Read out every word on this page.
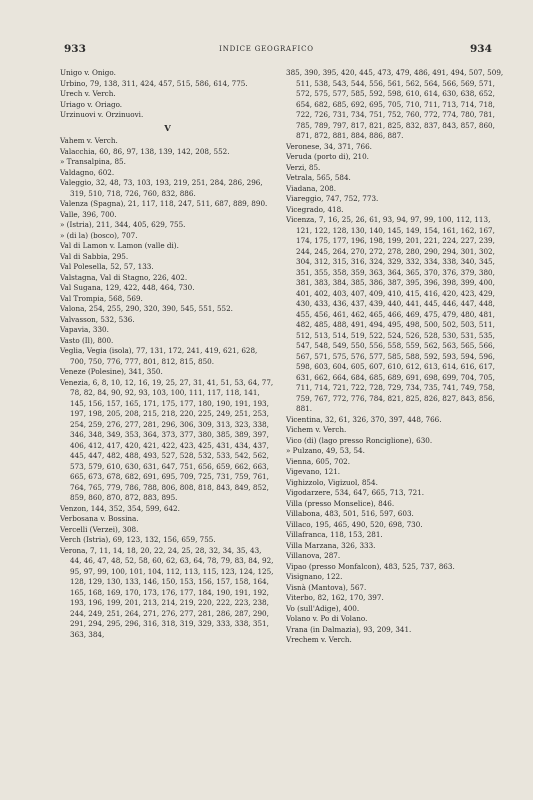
933	INDICE GEOGRAFICO	934

Unigo v. Onigo.

Urbino, 79, 138, 311, 424, 457, 515, 586, 614, 775.

Urech v. Verch.

Uriago v. Oriago.

Urzinuovi v. Orzinuovi.

V

Vahem v. Verch.

Valacchia, 60, 86, 97, 138, 139, 142, 208, 552.

» Transalpina, 85.

Valdagno, 602.

Valeggio, 32, 48, 73, 103, 193, 219, 251, 284, 286, 296, 319, 510, 718, 726, 760, 832, 886.

Valenza (Spagna), 21, 117, 118, 247, 511, 687, 889, 890.

Valle, 396, 700.

» (Istria), 211, 344, 405, 629, 755.

» (di la) (bosco), 707.

Val di Lamon v. Lamon (valle di).

Val di Sabbia, 295.

Val Polesella, 52, 57, 133.

Valstagna, Val di Stagno, 226, 402.

Val Sugana, 129, 422, 448, 464, 730.

Val Trompia, 568, 569.

Valona, 254, 255, 290, 320, 390, 545, 551, 552.

Valvasson, 532, 536.

Vapavia, 330.

Vasto (Il), 800.

Veglia, Vegia (isola), 77, 131, 172, 241, 419, 621, 628, 700, 750, 776, 777, 801, 812, 815, 850.

Veneze (Polesine), 341, 350.

Venezia, 6, 8, 10, 12, 16, 19, 25, 27, 31, 41, 51, 53, 64, 77, 78, 82, 84, 90, 92, 93, 103, 100, 111, 117, 118, 141, 145, 156, 157, 165, 171, 175, 177, 180, 190, 191, 193, 197, 198, 205, 208, 215, 218, 220, 225, 249, 251, 253, 254, 259, 276, 277, 281, 296, 306, 309, 313, 323, 338, 346, 348, 349, 353, 364, 373, 377, 380, 385, 389, 397, 406, 412, 417, 420, 421, 422, 423, 425, 431, 434, 437, 445, 447, 482, 488, 493, 527, 528, 532, 533, 542, 562, 573, 579, 610, 630, 631, 647, 751, 656, 659, 662, 663, 665, 673, 678, 682, 691, 695, 709, 725, 731, 759, 761, 764, 765, 779, 786, 788, 806, 808, 818, 843, 849, 852, 859, 860, 870, 872, 883, 895.

Venzon, 144, 352, 354, 599, 642.

Verbosana v. Bossina.

Vercelli (Verzei), 308.

Verch (Istria), 69, 123, 132, 156, 659, 755.

Verona, 7, 11, 14, 18, 20, 22, 24, 25, 28, 32, 34, 35, 43, 44, 46, 47, 48, 52, 58, 60, 62, 63, 64, 78, 79, 83, 84, 92, 95, 97, 99, 100, 101, 104, 112, 113, 115, 123, 124, 125, 128, 129, 130, 133, 146, 150, 153, 156, 157, 158, 164, 165, 168, 169, 170, 173, 176, 177, 184, 190, 191, 192, 193, 196, 199, 201, 213, 214, 219, 220, 222, 223, 238, 244, 249, 251, 264, 271, 276, 277, 281, 286, 287, 290, 291, 294, 295, 296, 316, 318, 319, 329, 333, 338, 351, 363, 384,

385, 390, 395, 420, 445, 473, 479, 486, 491, 494, 507, 509, 511, 538, 543, 544, 556, 561, 562, 564, 566, 569, 571, 572, 575, 577, 585, 592, 598, 610, 614, 630, 638, 652, 654, 682, 685, 692, 695, 705, 710, 711, 713, 714, 718, 722, 726, 731, 734, 751, 752, 760, 772, 774, 780, 781, 785, 789, 797, 817, 821, 825, 832, 837, 843, 857, 860, 871, 872, 881, 884, 886, 887.

Veronese, 34, 371, 766.

Veruda (porto di), 210.

Verzi, 85.

Vetrala, 565, 584.

Viadana, 208.

Viareggio, 747, 752, 773.

Vicegrado, 418.

Vicenza, 7, 16, 25, 26, 61, 93, 94, 97, 99, 100, 112, 113, 121, 122, 128, 130, 140, 145, 149, 154, 161, 162, 167, 174, 175, 177, 196, 198, 199, 201, 221, 224, 227, 239, 244, 245, 264, 270, 272, 278, 280, 290, 294, 301, 302, 304, 312, 315, 316, 324, 329, 332, 334, 338, 340, 345, 351, 355, 358, 359, 363, 364, 365, 370, 376, 379, 380, 381, 383, 384, 385, 386, 387, 395, 396, 398, 399, 400, 401, 402, 403, 407, 409, 410, 415, 416, 420, 423, 429, 430, 433, 436, 437, 439, 440, 441, 445, 446, 447, 448, 455, 456, 461, 462, 465, 466, 469, 475, 479, 480, 481, 482, 485, 488, 491, 494, 495, 498, 500, 502, 503, 511, 512, 513, 514, 519, 522, 524, 526, 528, 530, 531, 535, 547, 548, 549, 550, 556, 558, 559, 562, 563, 565, 566, 567, 571, 575, 576, 577, 585, 588, 592, 593, 594, 596, 598, 603, 604, 605, 607, 610, 612, 613, 614, 616, 617, 631, 662, 664, 684, 685, 689, 691, 698, 699, 704, 705, 711, 714, 721, 722, 728, 729, 734, 735, 741, 749, 758, 759, 767, 772, 776, 784, 821, 825, 826, 827, 843, 856, 881.

Vicentina, 32, 61, 326, 370, 397, 448, 766.

Vichem v. Verch.

Vico (di) (lago presso Ronciglione), 630.

» Pulzano, 49, 53, 54.

Vienna, 605, 702.

Vigevano, 121.

Vighizzolo, Vigizuol, 854.

Vigodarzere, 534, 647, 665, 713, 721.

Villa (presso Monselice), 846.

Villabona, 483, 501, 516, 597, 603.

Villaco, 195, 465, 490, 520, 698, 730.

Villafranca, 118, 153, 281.

Villa Marzana, 326, 333.

Villanova, 287.

Vipao (presso Monfalcon), 483, 525, 737, 863.

Visignano, 122.

Visnà (Mantova), 567.

Viterbo, 82, 162, 170, 397.

Vo (sull'Adige), 400.

Volano v. Po di Volano.

Vrana (in Dalmazia), 93, 209, 341.

Vrechem v. Verch.
